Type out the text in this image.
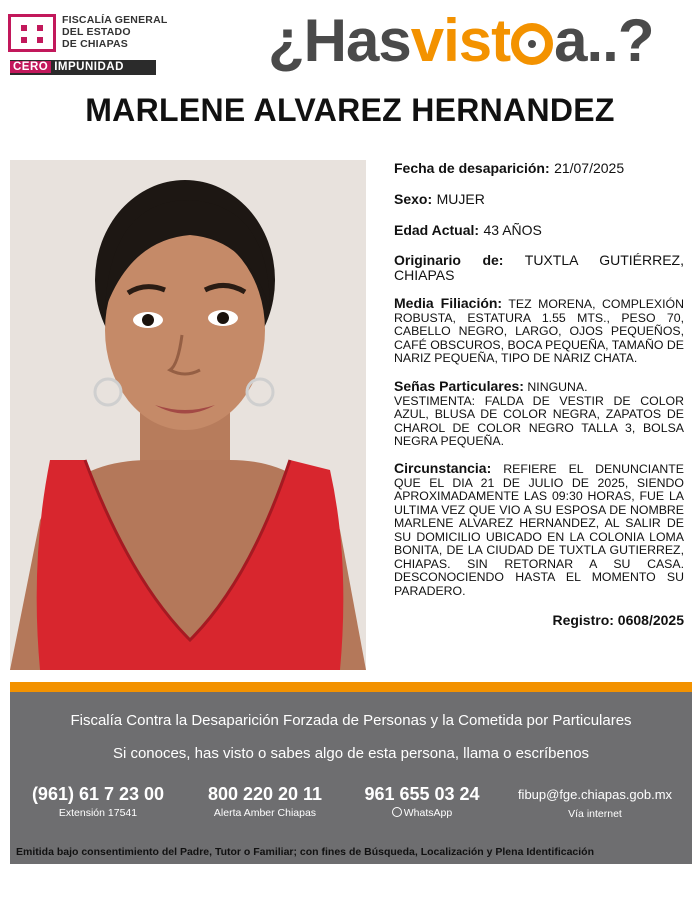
FISCALÍA GENERAL
DEL ESTADO
DE CHIAPAS
CERO IMPUNIDAD	¿Hasvist a..?
MARLENE ALVAREZ HERNANDEZ
Fecha de desaparición: 21/07/2025
Sexo: MUJER
Edad Actual: 43 AÑOS
Originario de: TUXTLA GUTIÉRREZ, CHIAPAS
Media Filiación: TEZ MORENA, COMPLEXIÓN ROBUSTA, ESTATURA 1.55 MTS., PESO 70, CABELLO NEGRO, LARGO, OJOS PEQUEÑOS, CAFÉ OBSCUROS, BOCA PEQUEÑA, TAMAÑO DE NARIZ PEQUEÑA, TIPO DE NARIZ CHATA.
Señas Particulares: NINGUNA.
VESTIMENTA: FALDA DE VESTIR DE COLOR AZUL, BLUSA DE COLOR NEGRA, ZAPATOS DE CHAROL DE COLOR NEGRO TALLA 3, BOLSA NEGRA PEQUEÑA.
Circunstancia: REFIERE EL DENUNCIANTE QUE EL DIA 21 DE JULIO DE 2025, SIENDO APROXIMADAMENTE LAS 09:30 HORAS, FUE LA ULTIMA VEZ QUE VIO A SU ESPOSA DE NOMBRE MARLENE ALVAREZ HERNANDEZ, AL SALIR DE SU DOMICILIO UBICADO EN LA COLONIA LOMA BONITA, DE LA CIUDAD DE TUXTLA GUTIERREZ, CHIAPAS. SIN RETORNAR A SU CASA. DESCONOCIENDO HASTA EL MOMENTO SU PARADERO.
Registro: 0608/2025
Fiscalía Contra la Desaparición Forzada de Personas y la Cometida por Particulares
Si conoces, has visto o sabes algo de esta persona, llama o escríbenos
(961) 61 7 23 00
Extensión 17541
800 220 20 11
Alerta Amber Chiapas
961 655 03 24
WhatsApp
fibup@fge.chiapas.gob.mx
Vía internet
Emitida bajo consentimiento del Padre, Tutor o Familiar; con fines de Búsqueda, Localización y Plena Identificación
